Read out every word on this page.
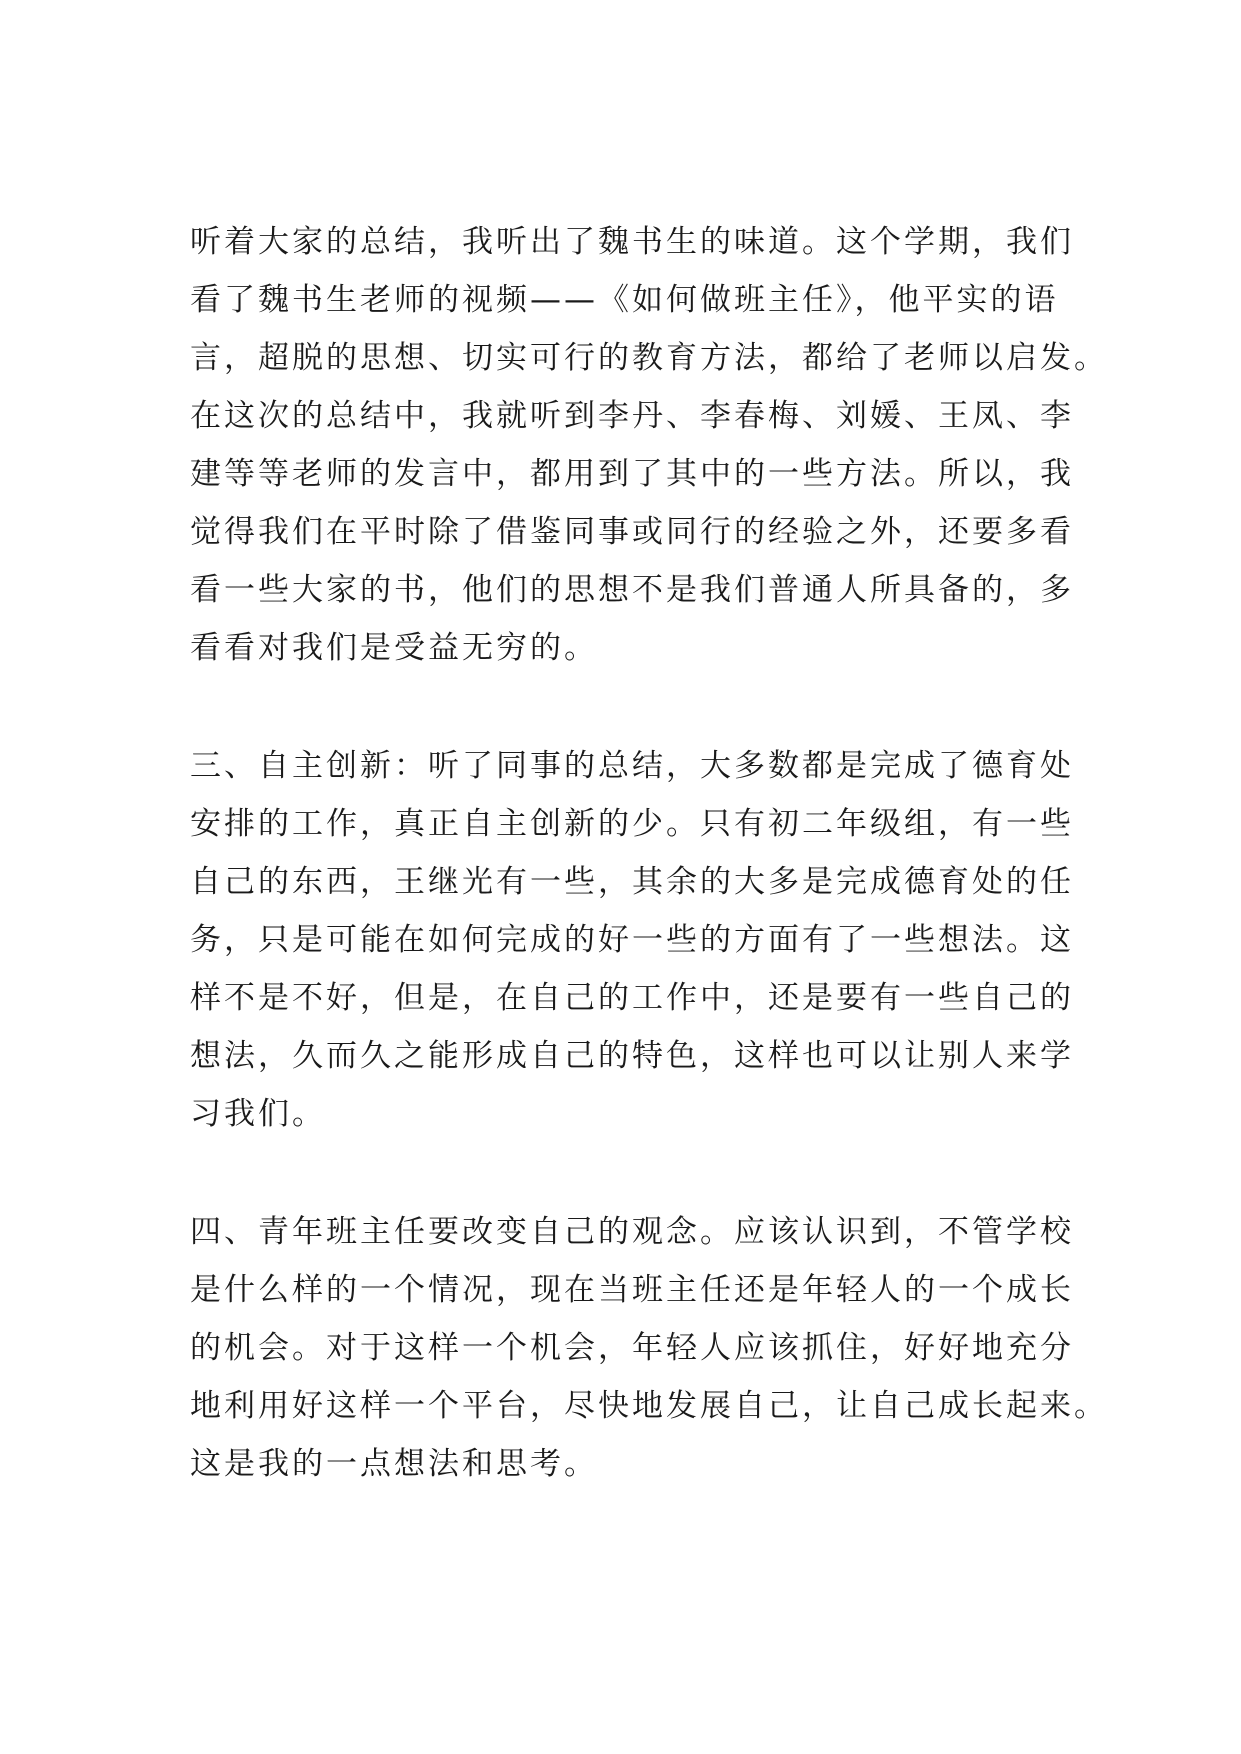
听着大家的总结，我听出了魏书生的味道。这个学期，我们
看了魏书生老师的视频——《如何做班主任》，他平实的语
言，超脱的思想、切实可行的教育方法，都给了老师以启发。
在这次的总结中，我就听到李丹、李春梅、刘媛、王凤、李
建等等老师的发言中，都用到了其中的一些方法。所以，我
觉得我们在平时除了借鉴同事或同行的经验之外，还要多看
看一些大家的书，他们的思想不是我们普通人所具备的，多
看看对我们是受益无穷的。
三、自主创新：听了同事的总结，大多数都是完成了德育处
安排的工作，真正自主创新的少。只有初二年级组，有一些
自己的东西，王继光有一些，其余的大多是完成德育处的任
务，只是可能在如何完成的好一些的方面有了一些想法。这
样不是不好，但是，在自己的工作中，还是要有一些自己的
想法，久而久之能形成自己的特色，这样也可以让别人来学
习我们。
四、青年班主任要改变自己的观念。应该认识到，不管学校
是什么样的一个情况，现在当班主任还是年轻人的一个成长
的机会。对于这样一个机会，年轻人应该抓住，好好地充分
地利用好这样一个平台，尽快地发展自己，让自己成长起来。
这是我的一点想法和思考。
